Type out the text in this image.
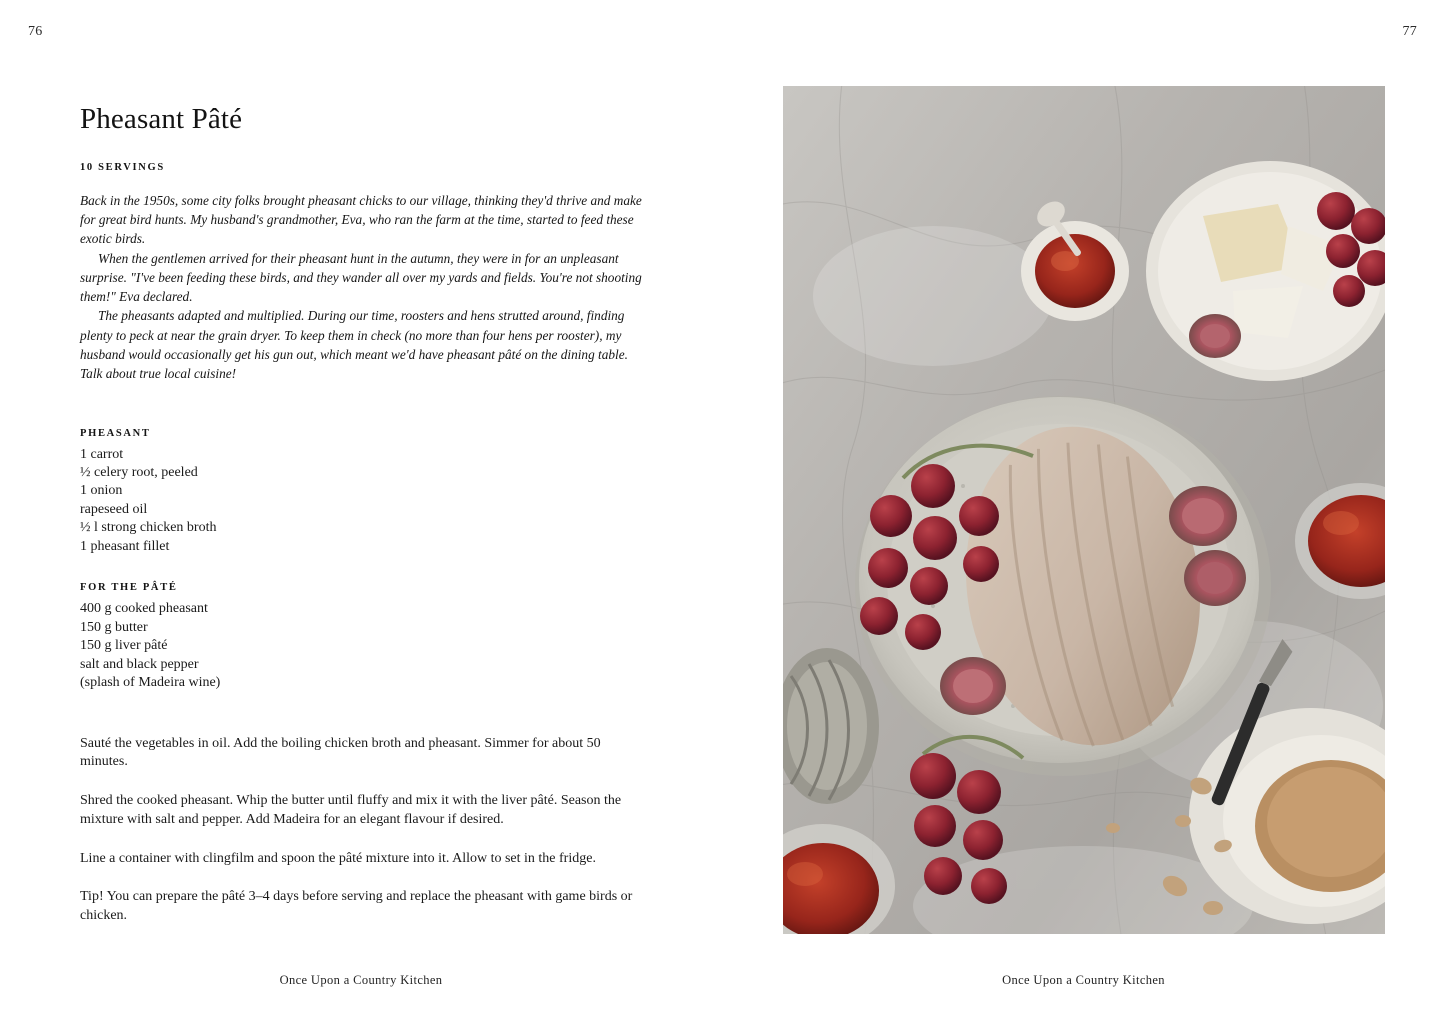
76	77
Pheasant Pâté
10 SERVINGS

Back in the 1950s, some city folks brought pheasant chicks to our village, thinking they'd thrive and make for great bird hunts. My husband's grandmother, Eva, who ran the farm at the time, started to feed these exotic birds.

When the gentlemen arrived for their pheasant hunt in the autumn, they were in for an unpleasant surprise. "I've been feeding these birds, and they wander all over my yards and fields. You're not shooting them!" Eva declared.

The pheasants adapted and multiplied. During our time, roosters and hens strutted around, finding plenty to peck at near the grain dryer. To keep them in check (no more than four hens per rooster), my husband would occasionally get his gun out, which meant we'd have pheasant pâté on the dining table. Talk about true local cuisine!

PHEASANT
1 carrot
½ celery root, peeled
1 onion
rapeseed oil
½ l strong chicken broth
1 pheasant fillet
FOR THE PÂTÉ
400 g cooked pheasant
150 g butter
150 g liver pâté
salt and black pepper
(splash of Madeira wine)

Sauté the vegetables in oil. Add the boiling chicken broth and pheasant. Simmer for about 50 minutes.

Shred the cooked pheasant. Whip the butter until fluffy and mix it with the liver pâté. Season the mixture with salt and pepper. Add Madeira for an elegant flavour if desired.

Line a container with clingfilm and spoon the pâté mixture into it. Allow to set in the fridge.

Tip! You can prepare the pâté 3–4 days before serving and replace the pheasant with game birds or chicken.

Once Upon a Country Kitchen	Once Upon a Country Kitchen
